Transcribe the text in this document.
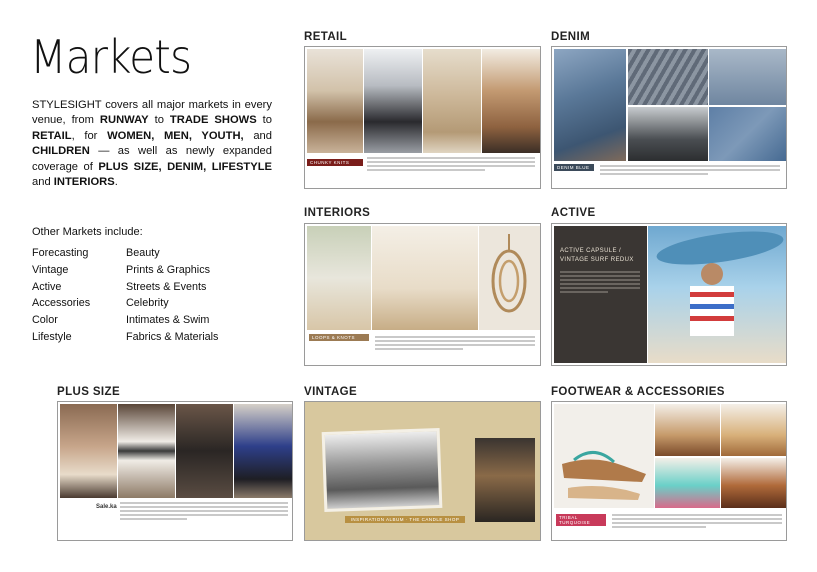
Markets
STYLESIGHT covers all major markets in every venue, from RUNWAY to TRADE SHOWS to RETAIL, for WOMEN, MEN, YOUTH, and CHILDREN — as well as newly expanded coverage of PLUS SIZE, DENIM, LIFESTYLE and INTERIORS.
Other Markets include:
Forecasting
Vintage
Active
Accessories
Color
Lifestyle
Beauty
Prints & Graphics
Streets & Events
Celebrity
Intimates & Swim
Fabrics & Materials
RETAIL
CHUNKY KNITS
DENIM
DENIM BLUE
INTERIORS
LOOPS & KNOTS
ACTIVE
ACTIVE CAPSULE /
VINTAGE SURF REDUX
PLUS SIZE
Sale.ka
VINTAGE
INSPIRATION ALBUM · THE CANDLE SHOP
FOOTWEAR & ACCESSORIES
TRIBAL TURQUOISE
